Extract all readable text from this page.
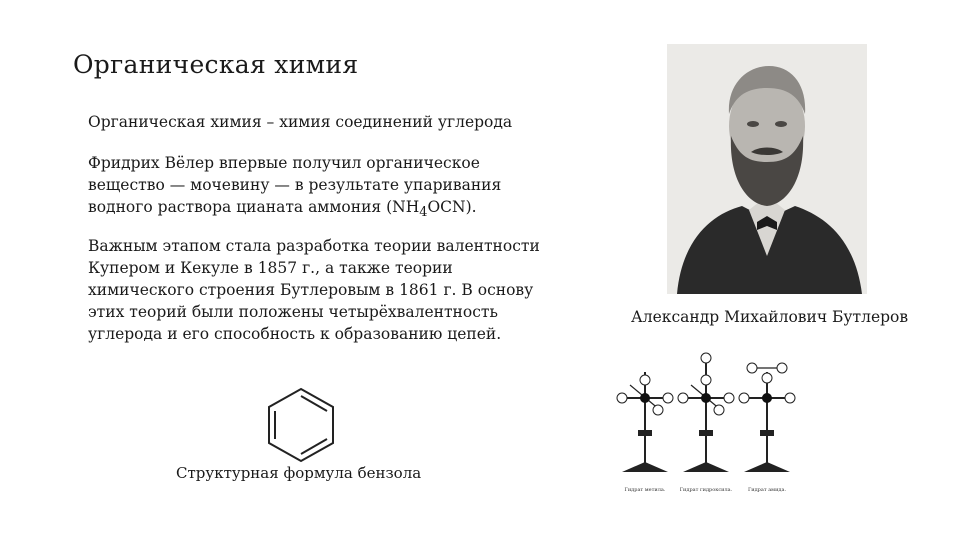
Органическая химия
Органическая химия – химия соединений углерода
Фридрих Вёлер впервые получил органическое вещество — мочевину — в результате упаривания водного раствора цианата аммония $(NH_4OCN)$.
Важным этапом стала разработка теории валентности Купером и Кекуле в 1857 г., а также теории химического строения Бутлеровым в 1861 г. В основу этих теорий были положены четырёхвалентность углерода и его способность к образованию цепей.
Структурная формула бензола
Александр Михайлович Бутлеров
Гидрат метила.	Гидрат гидроксила.	Гидрат амида.
